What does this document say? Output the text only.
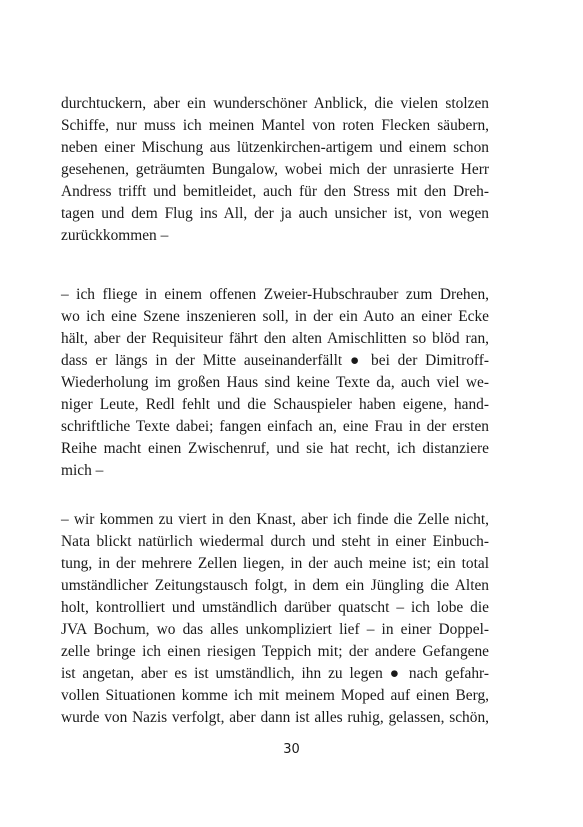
durchtuckern, aber ein wunderschöner Anblick, die vielen stolzen
Schiffe, nur muss ich meinen Mantel von roten Flecken säubern,
neben einer Mischung aus lützenkirchen-artigem und einem schon
gesehenen, geträumten Bungalow, wobei mich der unrasierte Herr
Andress trifft und bemitleidet, auch für den Stress mit den Dreh-
tagen und dem Flug ins All, der ja auch unsicher ist, von wegen
zurückkommen –
– ich fliege in einem offenen Zweier-Hubschrauber zum Drehen,
wo ich eine Szene inszenieren soll, in der ein Auto an einer Ecke
hält, aber der Requisiteur fährt den alten Amischlitten so blöd ran,
dass er längs in der Mitte auseinanderfällt ● bei der Dimitroff-
Wiederholung im großen Haus sind keine Texte da, auch viel we-
niger Leute, Redl fehlt und die Schauspieler haben eigene, hand-
schriftliche Texte dabei; fangen einfach an, eine Frau in der ersten
Reihe macht einen Zwischenruf, und sie hat recht, ich distanziere
mich –
– wir kommen zu viert in den Knast, aber ich finde die Zelle nicht,
Nata blickt natürlich wiedermal durch und steht in einer Einbuch-
tung, in der mehrere Zellen liegen, in der auch meine ist; ein total
umständlicher Zeitungstausch folgt, in dem ein Jüngling die Alten
holt, kontrolliert und umständlich darüber quatscht – ich lobe die
JVA Bochum, wo das alles unkompliziert lief – in einer Doppel-
zelle bringe ich einen riesigen Teppich mit; der andere Gefangene
ist angetan, aber es ist umständlich, ihn zu legen ● nach gefahr-
vollen Situationen komme ich mit meinem Moped auf einen Berg,
wurde von Nazis verfolgt, aber dann ist alles ruhig, gelassen, schön,
30
